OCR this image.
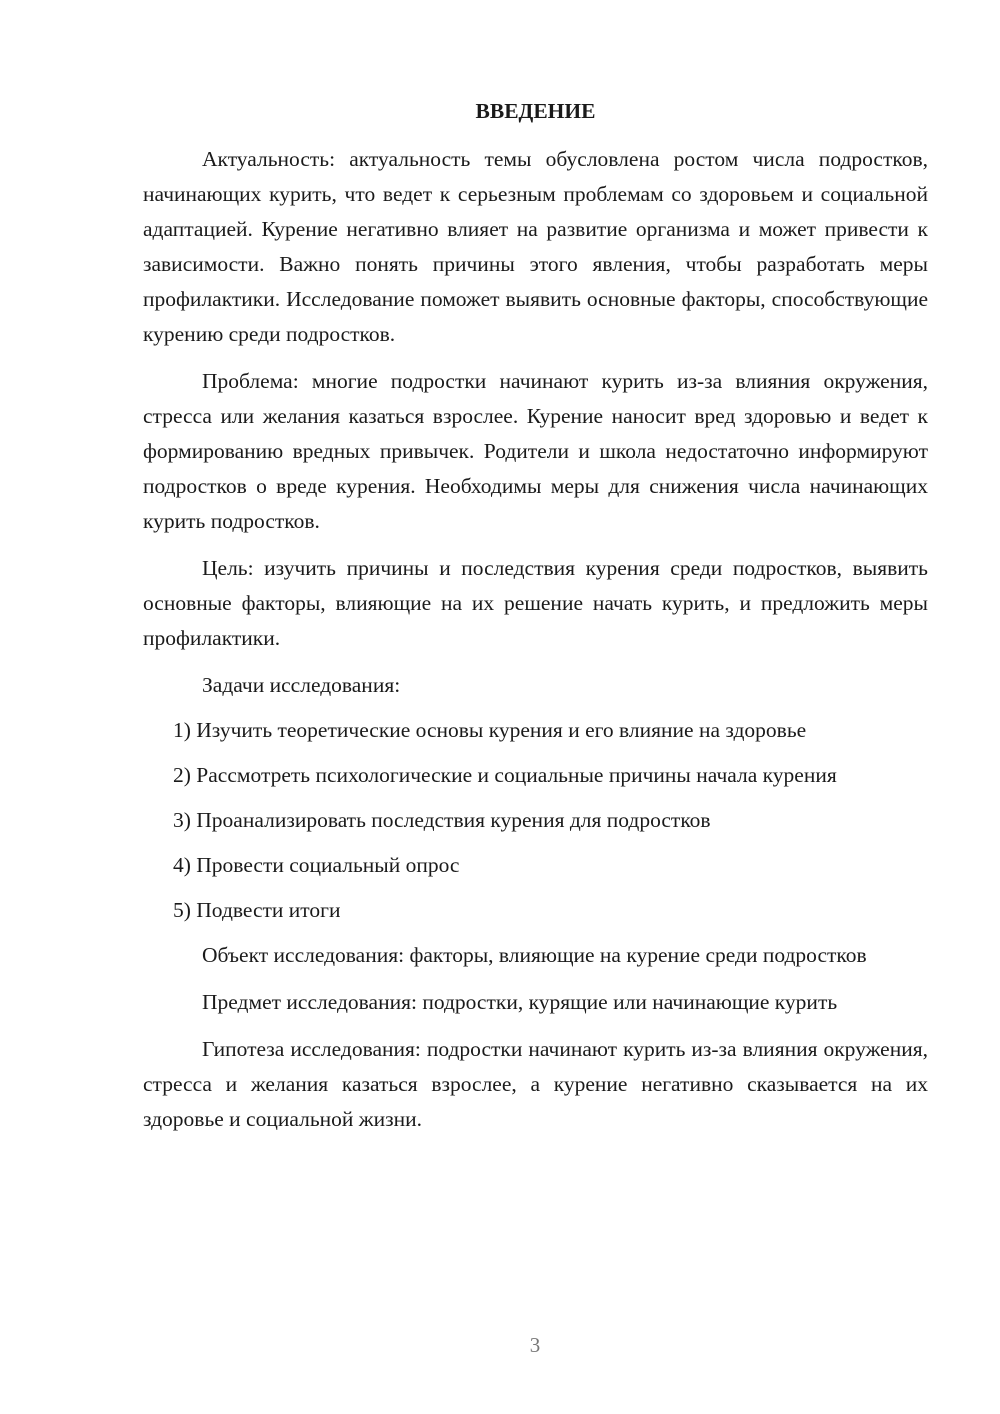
ВВЕДЕНИЕ

Актуальность: актуальность темы обусловлена ростом числа подростков, начинающих курить, что ведет к серьезным проблемам со здоровьем и социальной адаптацией. Курение негативно влияет на развитие организма и может привести к зависимости. Важно понять причины этого явления, чтобы разработать меры профилактики. Исследование поможет выявить основные факторы, способствующие курению среди подростков.

Проблема: многие подростки начинают курить из-за влияния окружения, стресса или желания казаться взрослее. Курение наносит вред здоровью и ведет к формированию вредных привычек. Родители и школа недостаточно информируют подростков о вреде курения. Необходимы меры для снижения числа начинающих курить подростков.

Цель: изучить причины и последствия курения среди подростков, выявить основные факторы, влияющие на их решение начать курить, и предложить меры профилактики.

Задачи исследования:

1) Изучить теоретические основы курения и его влияние на здоровье

2) Рассмотреть психологические и социальные причины начала курения

3) Проанализировать последствия курения для подростков

4) Провести социальный опрос

5) Подвести итоги

Объект исследования: факторы, влияющие на курение среди подростков

Предмет исследования: подростки, курящие или начинающие курить

Гипотеза исследования: подростки начинают курить из-за влияния окружения, стресса и желания казаться взрослее, а курение негативно сказывается на их здоровье и социальной жизни.

3
